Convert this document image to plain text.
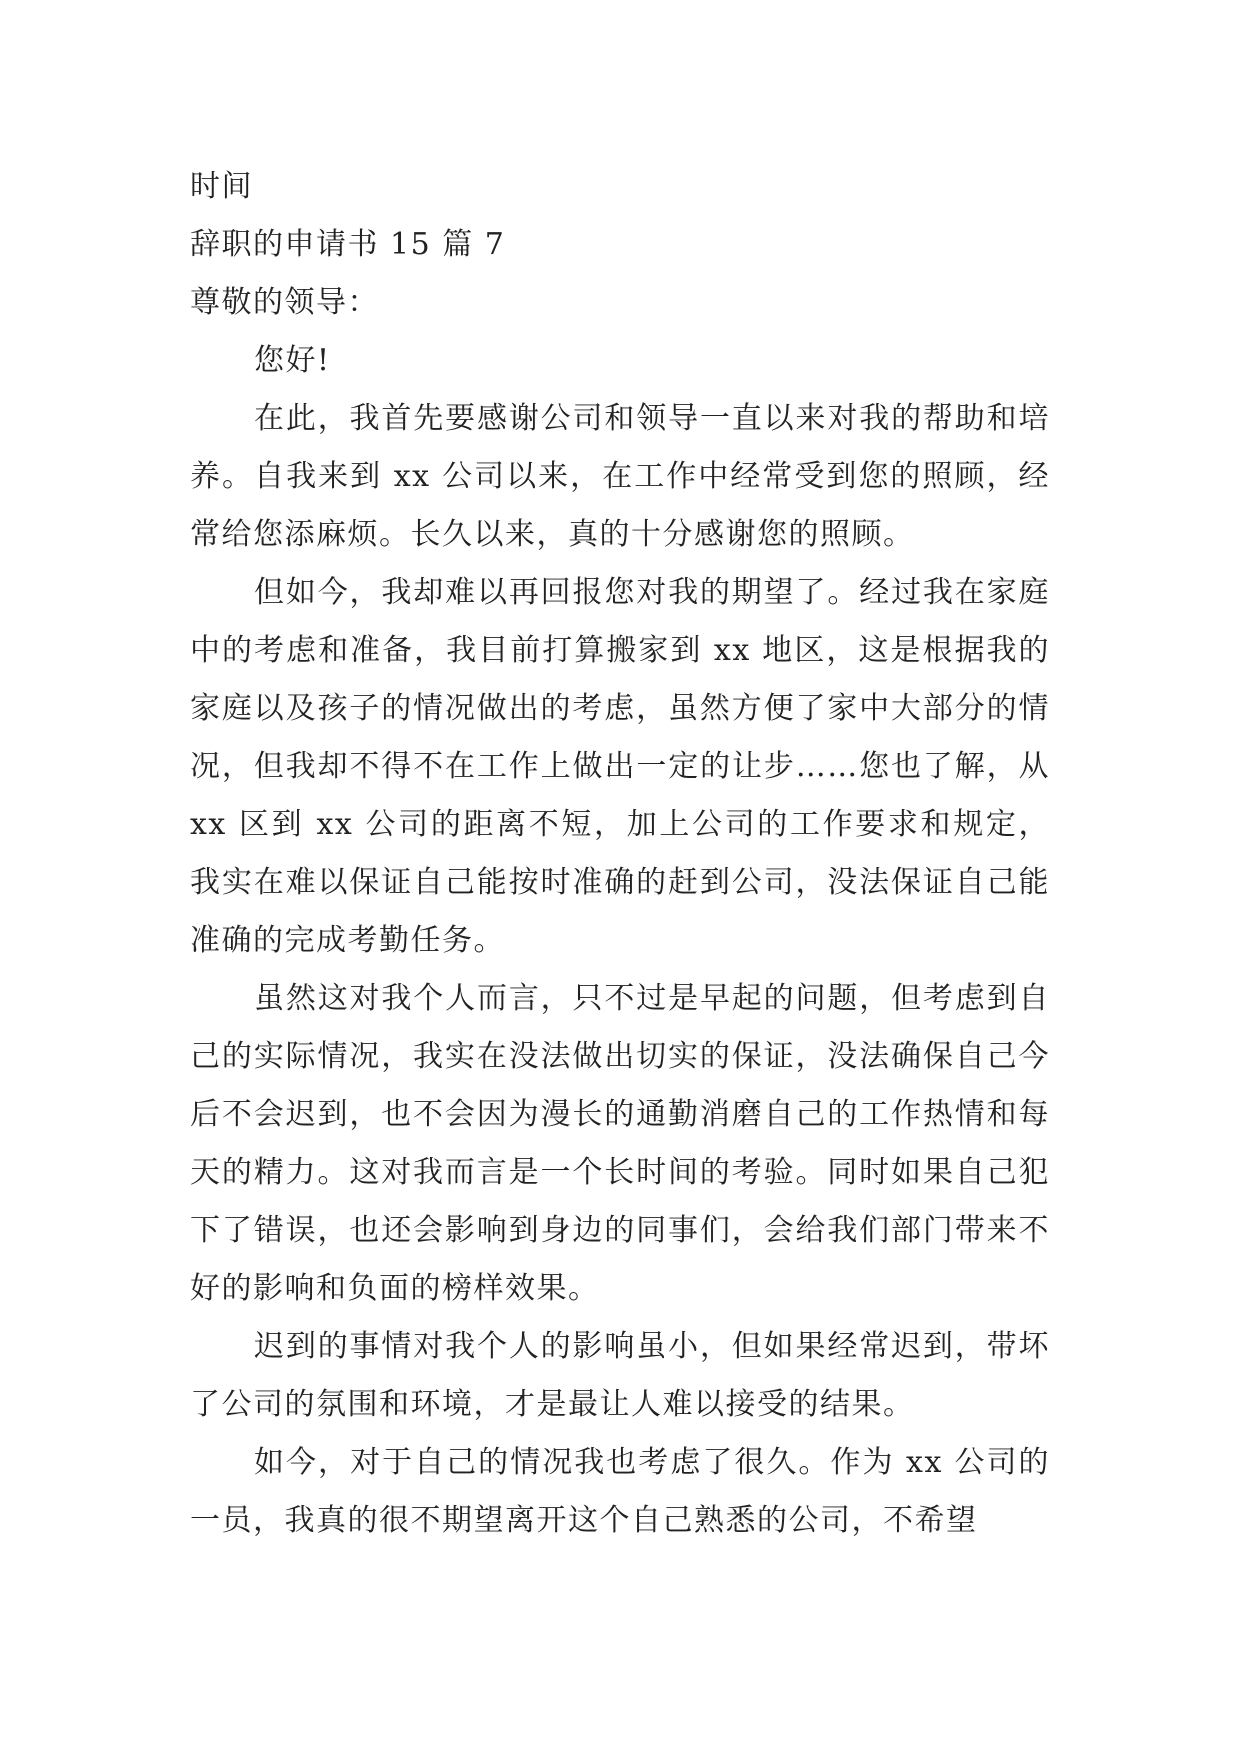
时间

辞职的申请书 15 篇 7

尊敬的领导：

您好!

在此，我首先要感谢公司和领导一直以来对我的帮助和培养。自我来到 xx 公司以来，在工作中经常受到您的照顾，经常给您添麻烦。长久以来，真的十分感谢您的照顾。

但如今，我却难以再回报您对我的期望了。经过我在家庭中的考虑和准备，我目前打算搬家到 xx 地区，这是根据我的家庭以及孩子的情况做出的考虑，虽然方便了家中大部分的情况，但我却不得不在工作上做出一定的让步……您也了解，从 xx 区到 xx 公司的距离不短，加上公司的工作要求和规定，我实在难以保证自己能按时准确的赶到公司，没法保证自己能准确的完成考勤任务。

虽然这对我个人而言，只不过是早起的问题，但考虑到自己的实际情况，我实在没法做出切实的保证，没法确保自己今后不会迟到，也不会因为漫长的通勤消磨自己的工作热情和每天的精力。这对我而言是一个长时间的考验。同时如果自己犯下了错误，也还会影响到身边的同事们，会给我们部门带来不好的影响和负面的榜样效果。

迟到的事情对我个人的影响虽小，但如果经常迟到，带坏了公司的氛围和环境，才是最让人难以接受的结果。

如今，对于自己的情况我也考虑了很久。作为 xx 公司的一员，我真的很不期望离开这个自己熟悉的公司，不希望
